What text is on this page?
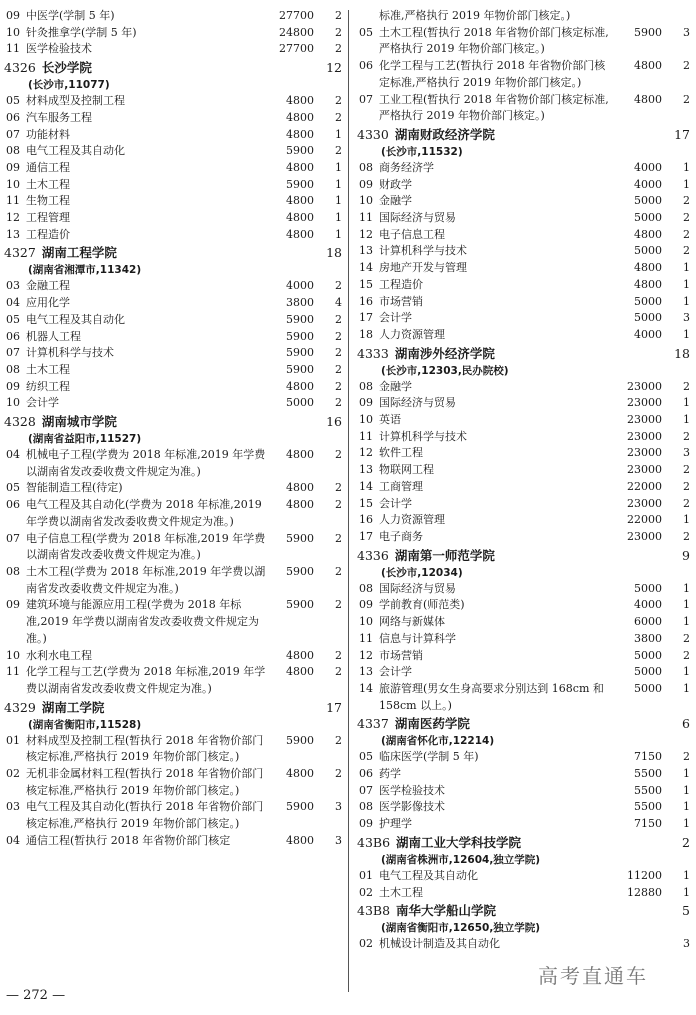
09 中医学(学制 5 年)	27700	2
10 针灸推拿学(学制 5 年)	24800	2
11 医学检验技术	27700	2
4326 长沙学院	12
(长沙市,11077)
05 材料成型及控制工程	4800	2
06 汽车服务工程	4800	2
07 功能材料	4800	1
08 电气工程及其自动化	5900	2
09 通信工程	4800	1
10 土木工程	5900	1
11 生物工程	4800	1
12 工程管理	4800	1
13 工程造价	4800	1
4327 湖南工程学院	18
(湖南省湘潭市,11342)
03 金融工程	4000	2
04 应用化学	3800	4
05 电气工程及其自动化	5900	2
06 机器人工程	5900	2
07 计算机科学与技术	5900	2
08 土木工程	5900	2
09 纺织工程	4800	2
10 会计学	5000	2
4328 湖南城市学院	16
(湖南省益阳市,11527)
04 机械电子工程(学费为 2018 年标准,2019 年学费以湖南省发改委收费文件规定为准。)
4800	2
05 智能制造工程(待定)	4800	2
06 电气工程及其自动化(学费为 2018 年标准,2019 年学费以湖南省发改委收费文件规定为准。)
4800	2
07 电子信息工程(学费为 2018 年标准,2019 年学费以湖南省发改委收费文件规定为准。)
5900	2
08 土木工程(学费为 2018 年标准,2019 年学费以湖南省发改委收费文件规定为准。)
5900	2
09 建筑环境与能源应用工程(学费为 2018 年标准,2019 年学费以湖南省发改委收费文件规定为准。)
5900	2
10 水利水电工程	4800	2
11 化学工程与工艺(学费为 2018 年标准,2019 年学费以湖南省发改委收费文件规定为准。)
4800	2
4329 湖南工学院	17
(湖南省衡阳市,11528)
01 材料成型及控制工程(暂执行 2018 年省物价部门核定标准,严格执行 2019 年物价部门核定。)
5900	2
02 无机非金属材料工程(暂执行 2018 年省物价部门核定标准,严格执行 2019 年物价部门核定。)
4800	2
03 电气工程及其自动化(暂执行 2018 年省物价部门核定标准,严格执行 2019 年物价部门核定。)
5900	3
04 通信工程(暂执行 2018 年省物价部门核定	4800	3
标准,严格执行 2019 年物价部门核定。)
05 土木工程(暂执行 2018 年省物价部门核定标准,严格执行 2019 年物价部门核定。)
5900	3
06 化学工程与工艺(暂执行 2018 年省物价部门核定标准,严格执行 2019 年物价部门核定。)
4800	2
07 工业工程(暂执行 2018 年省物价部门核定标准,严格执行 2019 年物价部门核定。)
4800	2
4330 湖南财政经济学院	17
(长沙市,11532)
08 商务经济学	4000	1
09 财政学	4000	1
10 金融学	5000	2
11 国际经济与贸易	5000	2
12 电子信息工程	4800	2
13 计算机科学与技术	5000	2
14 房地产开发与管理	4800	1
15 工程造价	4800	1
16 市场营销	5000	1
17 会计学	5000	3
18 人力资源管理	4000	1
4333 湖南涉外经济学院	18
(长沙市,12303,民办院校)
08 金融学	23000	2
09 国际经济与贸易	23000	1
10 英语	23000	1
11 计算机科学与技术	23000	2
12 软件工程	23000	3
13 物联网工程	23000	2
14 工商管理	22000	2
15 会计学	23000	2
16 人力资源管理	22000	1
17 电子商务	23000	2
4336 湖南第一师范学院	9
(长沙市,12034)
08 国际经济与贸易	5000	1
09 学前教育(师范类)	4000	1
10 网络与新媒体	6000	1
11 信息与计算科学	3800	2
12 市场营销	5000	2
13 会计学	5000	1
14 旅游管理(男女生身高要求分别达到 168cm 和 158cm 以上。)
5000	1
4337 湖南医药学院	6
(湖南省怀化市,12214)
05 临床医学(学制 5 年)	7150	2
06 药学	5500	1
07 医学检验技术	5500	1
08 医学影像技术	5500	1
09 护理学	7150	1
43B6 湖南工业大学科技学院	2
(湖南省株洲市,12604,独立学院)
01 电气工程及其自动化	11200	1
02 土木工程	12880	1
43B8 南华大学船山学院	5
(湖南省衡阳市,12650,独立学院)
02 机械设计制造及其自动化	3
— 272 —
高考直通车
